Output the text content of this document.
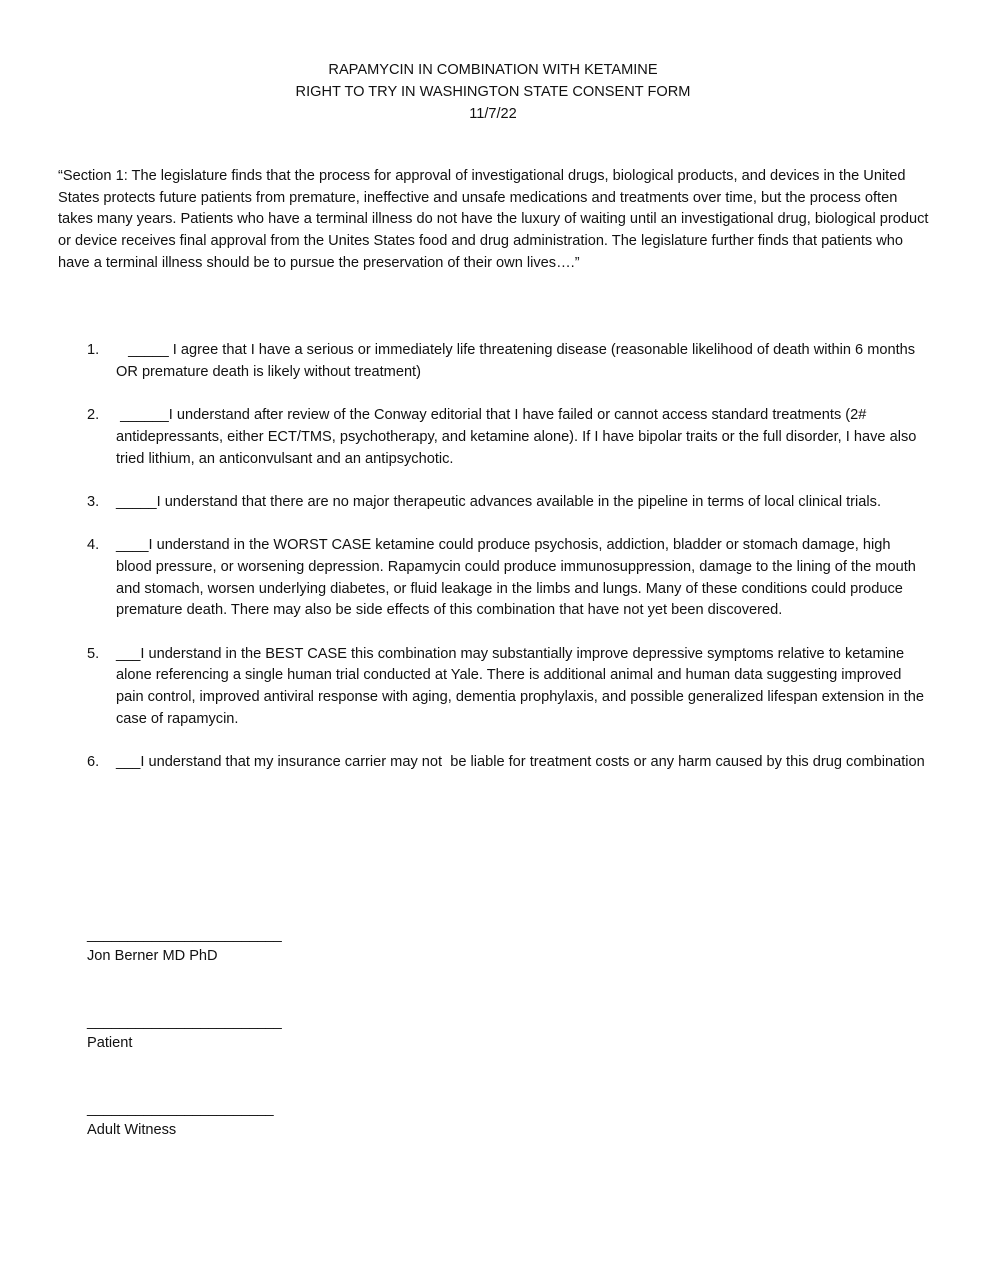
RAPAMYCIN IN COMBINATION WITH KETAMINE
RIGHT TO TRY IN WASHINGTON STATE CONSENT FORM
11/7/22

“Section 1: The legislature finds that the process for approval of investigational drugs, biological products, and devices in the United States protects future patients from premature, ineffective and unsafe medications and treatments over time, but the process often takes many years. Patients who have a terminal illness do not have the luxury of waiting until an investigational drug, biological product or device receives final approval from the Unites States food and drug administration. The legislature further finds that patients who have a terminal illness should be to pursue the preservation of their own lives….”

1. _____ I agree that I have a serious or immediately life threatening disease (reasonable likelihood of death within 6 months OR premature death is likely without treatment)
2. ______I understand after review of the Conway editorial that I have failed or cannot access standard treatments (2# antidepressants, either ECT/TMS, psychotherapy, and ketamine alone). If I have bipolar traits or the full disorder, I have also tried lithium, an anticonvulsant and an antipsychotic.
3. _____I understand that there are no major therapeutic advances available in the pipeline in terms of local clinical trials.
4. ____I understand in the WORST CASE ketamine could produce psychosis, addiction, bladder or stomach damage, high blood pressure, or worsening depression. Rapamycin could produce immunosuppression, damage to the lining of the mouth and stomach, worsen underlying diabetes, or fluid leakage in the limbs and lungs. Many of these conditions could produce premature death. There may also be side effects of this combination that have not yet been discovered.
5. ___I understand in the BEST CASE this combination may substantially improve depressive symptoms relative to ketamine alone referencing a single human trial conducted at Yale. There is additional animal and human data suggesting improved pain control, improved antiviral response with aging, dementia prophylaxis, and possible generalized lifespan extension in the case of rapamycin.
6. ___I understand that my insurance carrier may not  be liable for treatment costs or any harm caused by this drug combination
________________________
Jon Berner MD PhD
________________________
Patient
_______________________
Adult Witness
